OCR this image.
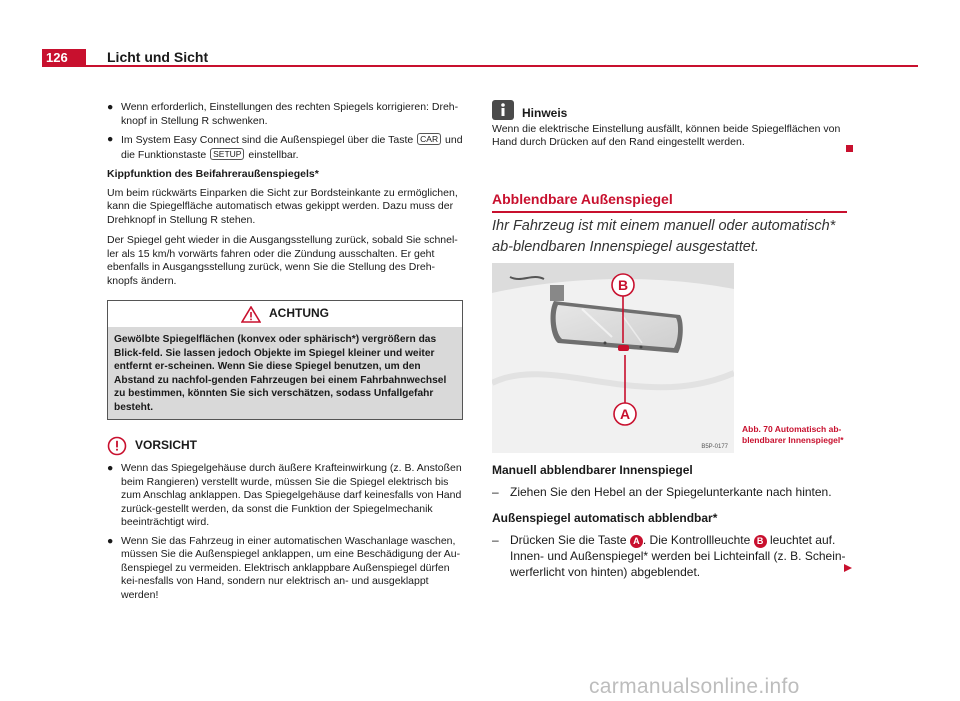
126	Licht und Sicht
● Wenn erforderlich, Einstellungen des rechten Spiegels korrigieren: Dreh-knopf in Stellung R schwenken.
● Im System Easy Connect sind die Außenspiegel über die Taste CAR und die Funktionstaste SETUP einstellbar.
Kippfunktion des Beifahreraußenspiegels*

Um beim rückwärts Einparken die Sicht zur Bordsteinkante zu ermöglichen, kann die Spiegelfläche automatisch etwas gekippt werden. Dazu muss der Drehknopf in Stellung R stehen.

Der Spiegel geht wieder in die Ausgangsstellung zurück, sobald Sie schnel-ler als 15 km/h vorwärts fahren oder die Zündung ausschalten. Er geht ebenfalls in Ausgangsstellung zurück, wenn Sie die Stellung des Dreh-knopfs ändern.

ACHTUNG
Gewölbte Spiegelflächen (konvex oder sphärisch*) vergrößern das Blick-feld. Sie lassen jedoch Objekte im Spiegel kleiner und weiter entfernt er-scheinen. Wenn Sie diese Spiegel benutzen, um den Abstand zu nachfol-genden Fahrzeugen bei einem Fahrbahnwechsel zu bestimmen, könnten Sie sich verschätzen, sodass Unfallgefahr besteht.
VORSICHT
● Wenn das Spiegelgehäuse durch äußere Krafteinwirkung (z. B. Anstoßen beim Rangieren) verstellt wurde, müssen Sie die Spiegel elektrisch bis zum Anschlag anklappen. Das Spiegelgehäuse darf keinesfalls von Hand zurück-gestellt werden, da sonst die Funktion der Spiegelmechanik beeinträchtigt wird.
● Wenn Sie das Fahrzeug in einer automatischen Waschanlage waschen, müssen Sie die Außenspiegel anklappen, um eine Beschädigung der Au-ßenspiegel zu vermeiden. Elektrisch anklappbare Außenspiegel dürfen kei-nesfalls von Hand, sondern nur elektrisch an- und ausgeklappt werden!
Hinweis
Wenn die elektrische Einstellung ausfällt, können beide Spiegelflächen von Hand durch Drücken auf den Rand eingestellt werden.
Abblendbare Außenspiegel
Ihr Fahrzeug ist mit einem manuell oder automatisch* ab-blendbaren Innenspiegel ausgestattet.
B
A
B5P-0177
Abb. 70 Automatisch ab-blendbarer Innenspiegel*
Manuell abblendbarer Innenspiegel
– Ziehen Sie den Hebel an der Spiegelunterkante nach hinten.
Außenspiegel automatisch abblendbar*
– Drücken Sie die Taste A . Die Kontrollleuchte B leuchtet auf. Innen- und Außenspiegel* werden bei Lichteinfall (z. B. Schein-werferlicht von hinten) abgeblendet.
carmanualsonline.info
